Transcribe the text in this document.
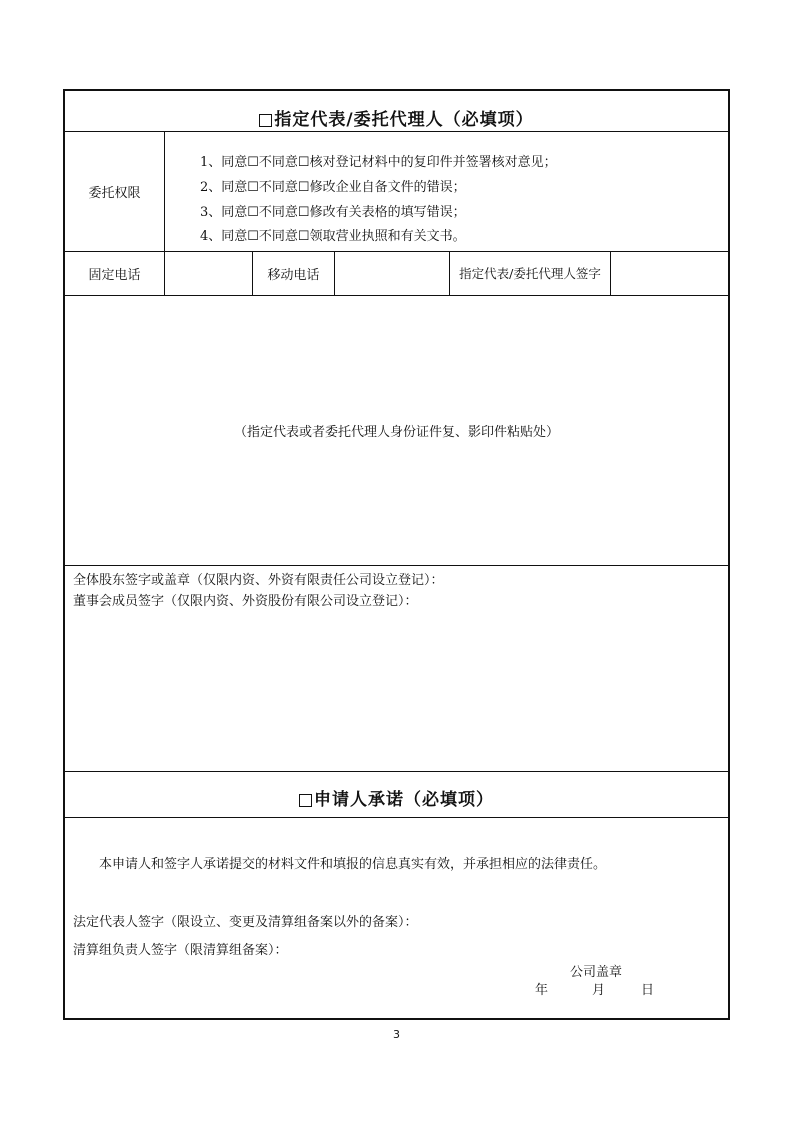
指定代表/委托代理人（必填项）
委托权限
1、同意☐不同意☐核对登记材料中的复印件并签署核对意见；
2、同意☐不同意☐修改企业自备文件的错误；
3、同意☐不同意☐修改有关表格的填写错误；
4、同意☐不同意☐领取营业执照和有关文书。
固定电话	移动电话	指定代表/委托代理人签字
（指定代表或者委托代理人身份证件复、影印件粘贴处）
全体股东签字或盖章（仅限内资、外资有限责任公司设立登记）：
董事会成员签字（仅限内资、外资股份有限公司设立登记）：
申请人承诺（必填项）
本申请人和签字人承诺提交的材料文件和填报的信息真实有效，并承担相应的法律责任。
法定代表人签字（限设立、变更及清算组备案以外的备案）：
清算组负责人签字（限清算组备案）：
公司盖章
年	月	日
3
